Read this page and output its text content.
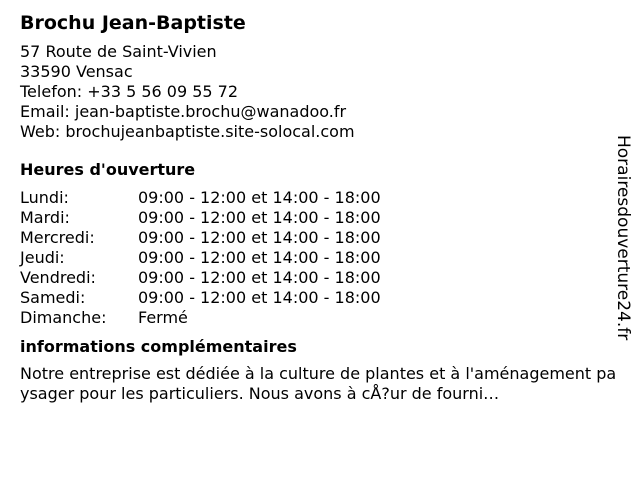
Brochu Jean-Baptiste
57 Route de Saint-Vivien
33590 Vensac
Telefon: +33 5 56 09 55 72
Email: jean-baptiste.brochu@wanadoo.fr
Web: brochujeanbaptiste.site-solocal.com
Heures d'ouverture
Lundi:	09:00 - 12:00 et 14:00 - 18:00
Mardi:	09:00 - 12:00 et 14:00 - 18:00
Mercredi:	09:00 - 12:00 et 14:00 - 18:00
Jeudi:	09:00 - 12:00 et 14:00 - 18:00
Vendredi:	09:00 - 12:00 et 14:00 - 18:00
Samedi:	09:00 - 12:00 et 14:00 - 18:00
Dimanche:	Fermé
informations complémentaires
Notre entreprise est dédiée à la culture de plantes et à l'aménagement paysager pour les particuliers. Nous avons à cÅ?ur de fourni…
Horairesdouverture24.fr
